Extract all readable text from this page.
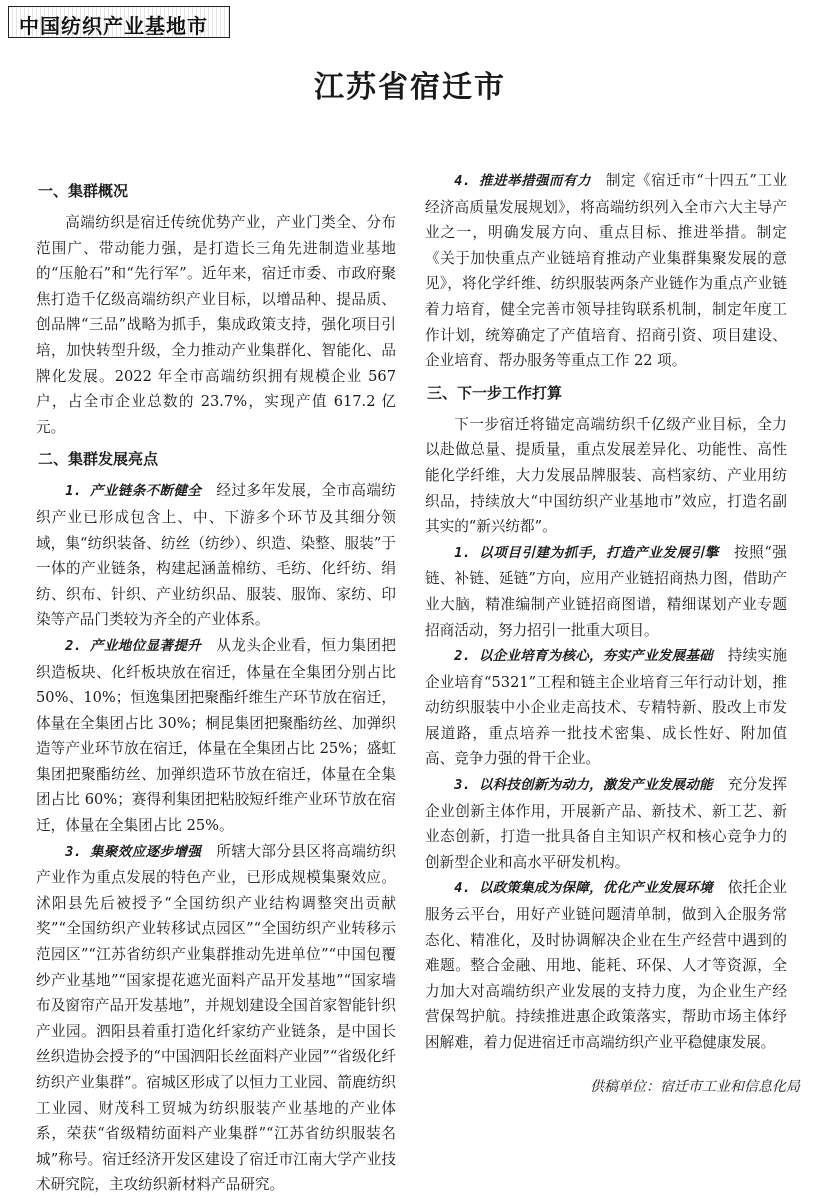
中国纺织产业基地市
江苏省宿迁市
一、集群概况

高端纺织是宿迁传统优势产业，产业门类全、分布范围广、带动能力强，是打造长三角先进制造业基地的“压舱石”和“先行军”。近年来，宿迁市委、市政府聚焦打造千亿级高端纺织产业目标，以增品种、提品质、创品牌“三品”战略为抓手，集成政策支持，强化项目引培，加快转型升级，全力推动产业集群化、智能化、品牌化发展。2022 年全市高端纺织拥有规模企业 567 户，占全市企业总数的 23.7%，实现产值 617.2 亿元。

二、集群发展亮点

1. 产业链条不断健全　 经过多年发展，全市高端纺织产业已形成包含上、中、下游多个环节及其细分领域，集“纺织装备、纺丝（纺纱）、织造、染整、服装”于一体的产业链条，构建起涵盖棉纺、毛纺、化纤纺、绢纺、织布、针织、产业纺织品、服装、服饰、家纺、印染等产品门类较为齐全的产业体系。

2. 产业地位显著提升　 从龙头企业看，恒力集团把织造板块、化纤板块放在宿迁，体量在全集团分别占比 50%、10%；恒逸集团把聚酯纤维生产环节放在宿迁，体量在全集团占比 30%；桐昆集团把聚酯纺丝、加弹织造等产业环节放在宿迁，体量在全集团占比 25%；盛虹集团把聚酯纺丝、加弹织造环节放在宿迁，体量在全集团占比 60%；赛得利集团把粘胶短纤维产业环节放在宿迁，体量在全集团占比 25%。

3. 集聚效应逐步增强　 所辖大部分县区将高端纺织产业作为重点发展的特色产业，已形成规模集聚效应。沭阳县先后被授予“全国纺织产业结构调整突出贡献奖”“全国纺织产业转移试点园区”“全国纺织产业转移示范园区”“江苏省纺织产业集群推动先进单位”“中国包覆纱产业基地”“国家提花遮光面料产品开发基地”“国家墙布及窗帘产品开发基地”，并规划建设全国首家智能针织产业园。泗阳县着重打造化纤家纺产业链条，是中国长丝织造协会授予的“中国泗阳长丝面料产业园”“省级化纤纺织产业集群”。宿城区形成了以恒力工业园、箭鹿纺织工业园、财茂科工贸城为纺织服装产业基地的产业体系，荣获“省级精纺面料产业集群”“江苏省纺织服装名城”称号。宿迁经济开发区建设了宿迁市江南大学产业技术研究院，主攻纺织新材料产品研究。

4. 推进举措强而有力　 制定《宿迁市“十四五”工业经济高质量发展规划》，将高端纺织列入全市六大主导产业之一，明确发展方向、重点目标、推进举措。制定《关于加快重点产业链培育推动产业集群集聚发展的意见》，将化学纤维、纺织服装两条产业链作为重点产业链着力培育，健全完善市领导挂钩联系机制，制定年度工作计划，统筹确定了产值培育、招商引资、项目建设、企业培育、帮办服务等重点工作 22 项。

三、下一步工作打算

下一步宿迁将锚定高端纺织千亿级产业目标，全力以赴做总量、提质量，重点发展差异化、功能性、高性能化学纤维，大力发展品牌服装、高档家纺、产业用纺织品，持续放大“中国纺织产业基地市”效应，打造名副其实的“新兴纺都”。

1. 以项目引建为抓手，打造产业发展引擎　 按照“强链、补链、延链”方向，应用产业链招商热力图，借助产业大脑，精准编制产业链招商图谱，精细谋划产业专题招商活动，努力招引一批重大项目。

2. 以企业培育为核心，夯实产业发展基础　 持续实施企业培育“5321”工程和链主企业培育三年行动计划，推动纺织服装中小企业走高技术、专精特新、股改上市发展道路，重点培养一批技术密集、成长性好、附加值高、竞争力强的骨干企业。

3. 以科技创新为动力，激发产业发展动能　 充分发挥企业创新主体作用，开展新产品、新技术、新工艺、新业态创新，打造一批具备自主知识产权和核心竞争力的创新型企业和高水平研发机构。

4. 以政策集成为保障，优化产业发展环境　 依托企业服务云平台，用好产业链问题清单制，做到入企服务常态化、精准化，及时协调解决企业在生产经营中遇到的难题。整合金融、用地、能耗、环保、人才等资源，全力加大对高端纺织产业发展的支持力度，为企业生产经营保驾护航。持续推进惠企政策落实，帮助市场主体纾困解难，着力促进宿迁市高端纺织产业平稳健康发展。

供稿单位：宿迁市工业和信息化局
